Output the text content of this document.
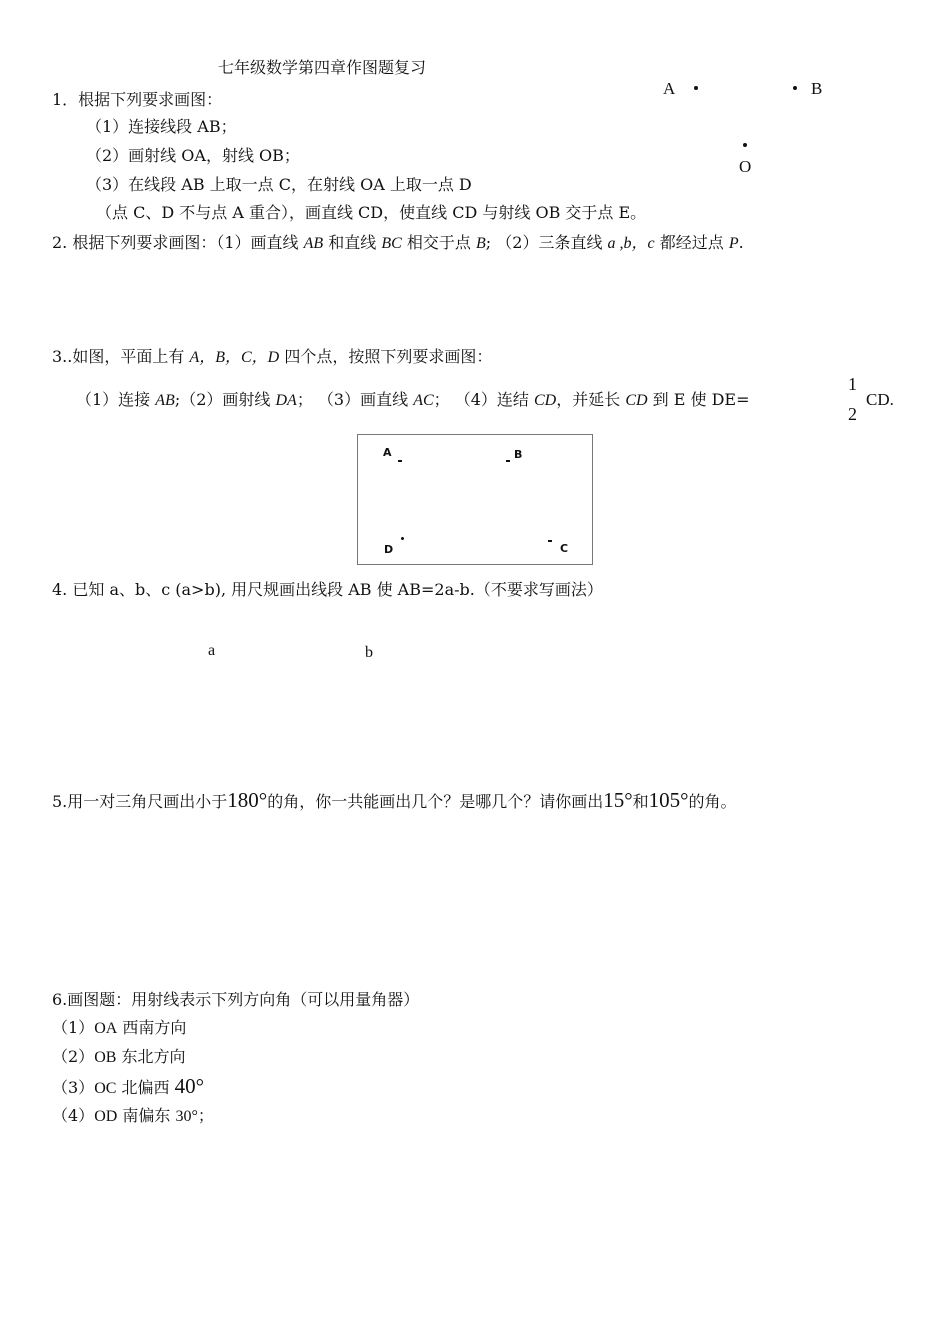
七年级数学第四章作图题复习
1．根据下列要求画图：
（1）连接线段 AB；
（2）画射线 OA，射线 OB；
（3）在线段 AB 上取一点 C，在射线 OA 上取一点 D
（点 C、D 不与点 A 重合），画直线 CD，使直线 CD 与射线 OB 交于点 E。
A	B
O
2. 根据下列要求画图：（1）画直线 AB 和直线 BC 相交于点 B; （2）三条直线 a ,b，c 都经过点 P.
3..如图，平面上有 A，B，C，D 四个点，按照下列要求画图：
（1）连接 AB;（2）画射线 DA； （3）画直线 AC； （4）连结 CD，并延长 CD 到 E 使 DE=
1
2
CD.
A	B
D	C
4. 已知 a、b、c (a>b), 用尺规画出线段 AB 使 AB=2a-b.（不要求写画法）
a	b
5.用一对三角尺画出小于180°的角，你一共能画出几个？是哪几个？请你画出15°和105°的角。
6.画图题：用射线表示下列方向角（可以用量角器）
（1）OA 西南方向
（2）OB 东北方向
（3）OC 北偏西 40°
（4）OD 南偏东 30°；
